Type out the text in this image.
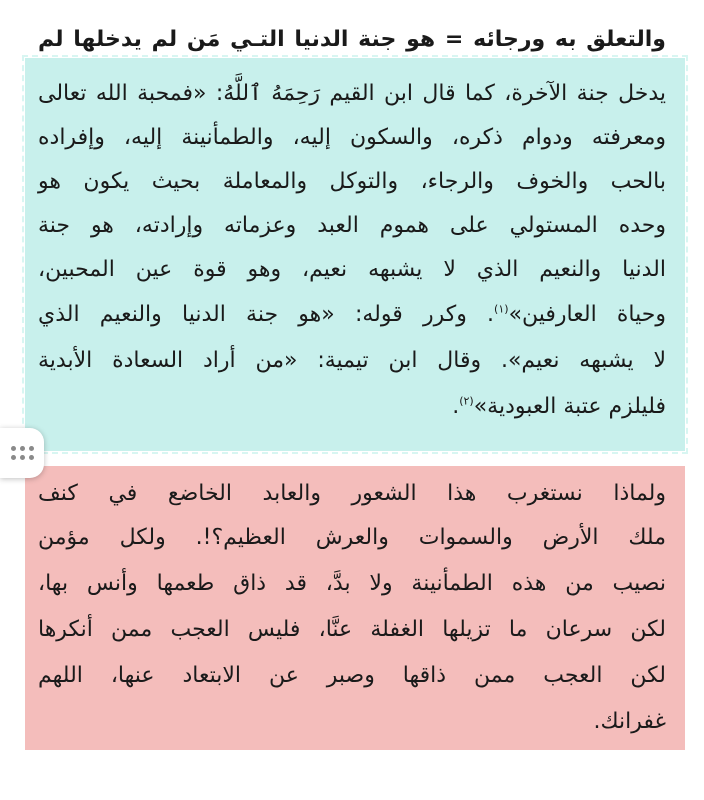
والتعلق به ورجائه = هو جنة الدنيا التـي مَن لم يدخلها لم
يدخل جنة الآخرة، كما قال ابن القيم رَحِمَهُ ٱللَّهُ: «فمحبة الله تعالى
ومعرفته ودوام ذكره، والسكون إليه، والطمأنينة إليه، وإفراده
بالحب والخوف والرجاء، والتوكل والمعاملة بحيث يكون هو
وحده المستولي على هموم العبد وعزماته وإرادته، هو جنة
الدنيا والنعيم الذي لا يشبهه نعيم، وهو قوة عين المحبين،
وحياة العارفين»$^{(١)}$. وكرر قوله: «هو جنة الدنيا والنعيم الذي
لا يشبهه نعيم». وقال ابن تيمية: «من أراد السعادة الأبدية
فليلزم عتبة العبودية»$^{(٢)}$.
ولماذا نستغرب هذا الشعور والعابد الخاضع في كنف
ملك الأرض والسموات والعرش العظيم؟!. ولكل مؤمن
نصيب من هذه الطمأنينة ولا بدَّ، قد ذاق طعمها وأنس بها،
لكن سرعان ما تزيلها الغفلة عنَّا، فليس العجب ممن أنكرها
لكن العجب ممن ذاقها وصبر عن الابتعاد عنها، اللهم
غفرانك.
